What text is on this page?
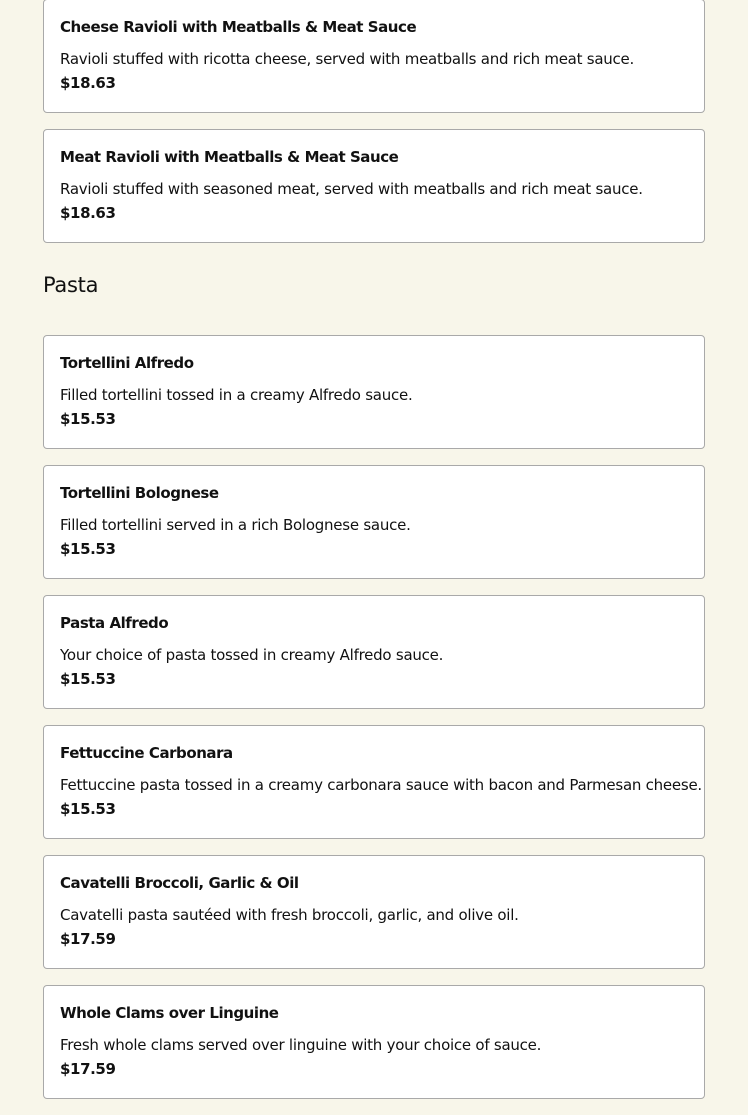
Cheese Ravioli with Meatballs & Meat Sauce
Ravioli stuffed with ricotta cheese, served with meatballs and rich meat sauce.
$18.63
Meat Ravioli with Meatballs & Meat Sauce
Ravioli stuffed with seasoned meat, served with meatballs and rich meat sauce.
$18.63
Pasta
Tortellini Alfredo
Filled tortellini tossed in a creamy Alfredo sauce.
$15.53
Tortellini Bolognese
Filled tortellini served in a rich Bolognese sauce.
$15.53
Pasta Alfredo
Your choice of pasta tossed in creamy Alfredo sauce.
$15.53
Fettuccine Carbonara
Fettuccine pasta tossed in a creamy carbonara sauce with bacon and Parmesan cheese.
$15.53
Cavatelli Broccoli, Garlic & Oil
Cavatelli pasta sautéed with fresh broccoli, garlic, and olive oil.
$17.59
Whole Clams over Linguine
Fresh whole clams served over linguine with your choice of sauce.
$17.59
